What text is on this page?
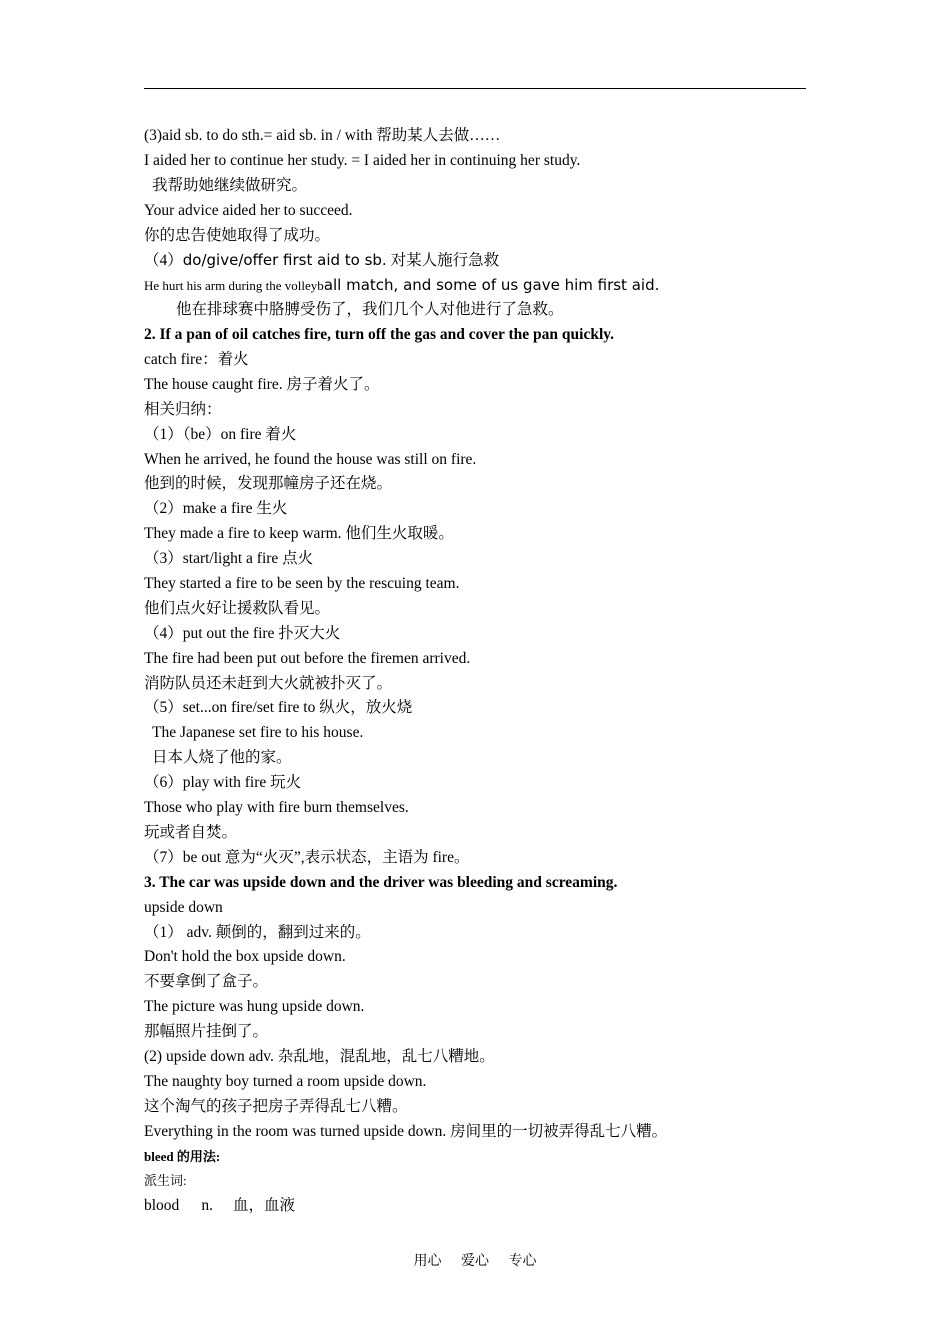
(3)aid sb. to do sth.= aid sb. in / with 帮助某人去做……
I aided her to continue her study. = I aided her in continuing her study.
我帮助她继续做研究。
Your advice aided her to succeed.
你的忠告使她取得了成功。
（4）do/give/offer first aid to sb. 对某人施行急救
He hurt his arm during the volleyball match, and some of us gave him first aid.
他在排球赛中胳膊受伤了，我们几个人对他进行了急救。
2. If a pan of oil catches fire, turn off the gas and cover the pan quickly.
catch fire：着火
The house caught fire. 房子着火了。
相关归纳：
（1）（be）on fire 着火
When he arrived, he found the house was still on fire.
他到的时候，发现那幢房子还在烧。
（2）make a fire 生火
They made a fire to keep warm. 他们生火取暖。
（3）start/light a fire 点火
They started a fire to be seen by the rescuing team.
他们点火好让援救队看见。
（4）put out the fire 扑灭大火
The fire had been put out before the firemen arrived.
消防队员还未赶到大火就被扑灭了。
（5）set...on fire/set fire to 纵火，放火烧
The Japanese set fire to his house.
日本人烧了他的家。
（6）play with fire 玩火
Those who play with fire burn themselves.
玩或者自焚。
（7）be out 意为“火灭”,表示状态，主语为 fire。
3. The car was upside down and the driver was bleeding and screaming.
upside down
（1） adv. 颠倒的，翻到过来的。
Don't hold the box upside down.
不要拿倒了盒子。
The picture was hung upside down.
那幅照片挂倒了。
(2) upside down adv. 杂乱地，混乱地，乱七八糟地。
The naughty boy turned a room upside down.
这个淘气的孩子把房子弄得乱七八糟。
Everything in the room was turned upside down. 房间里的一切被弄得乱七八糟。
bleed 的用法:
派生词:
blood n. 血，血液
用心 爱心 专心
